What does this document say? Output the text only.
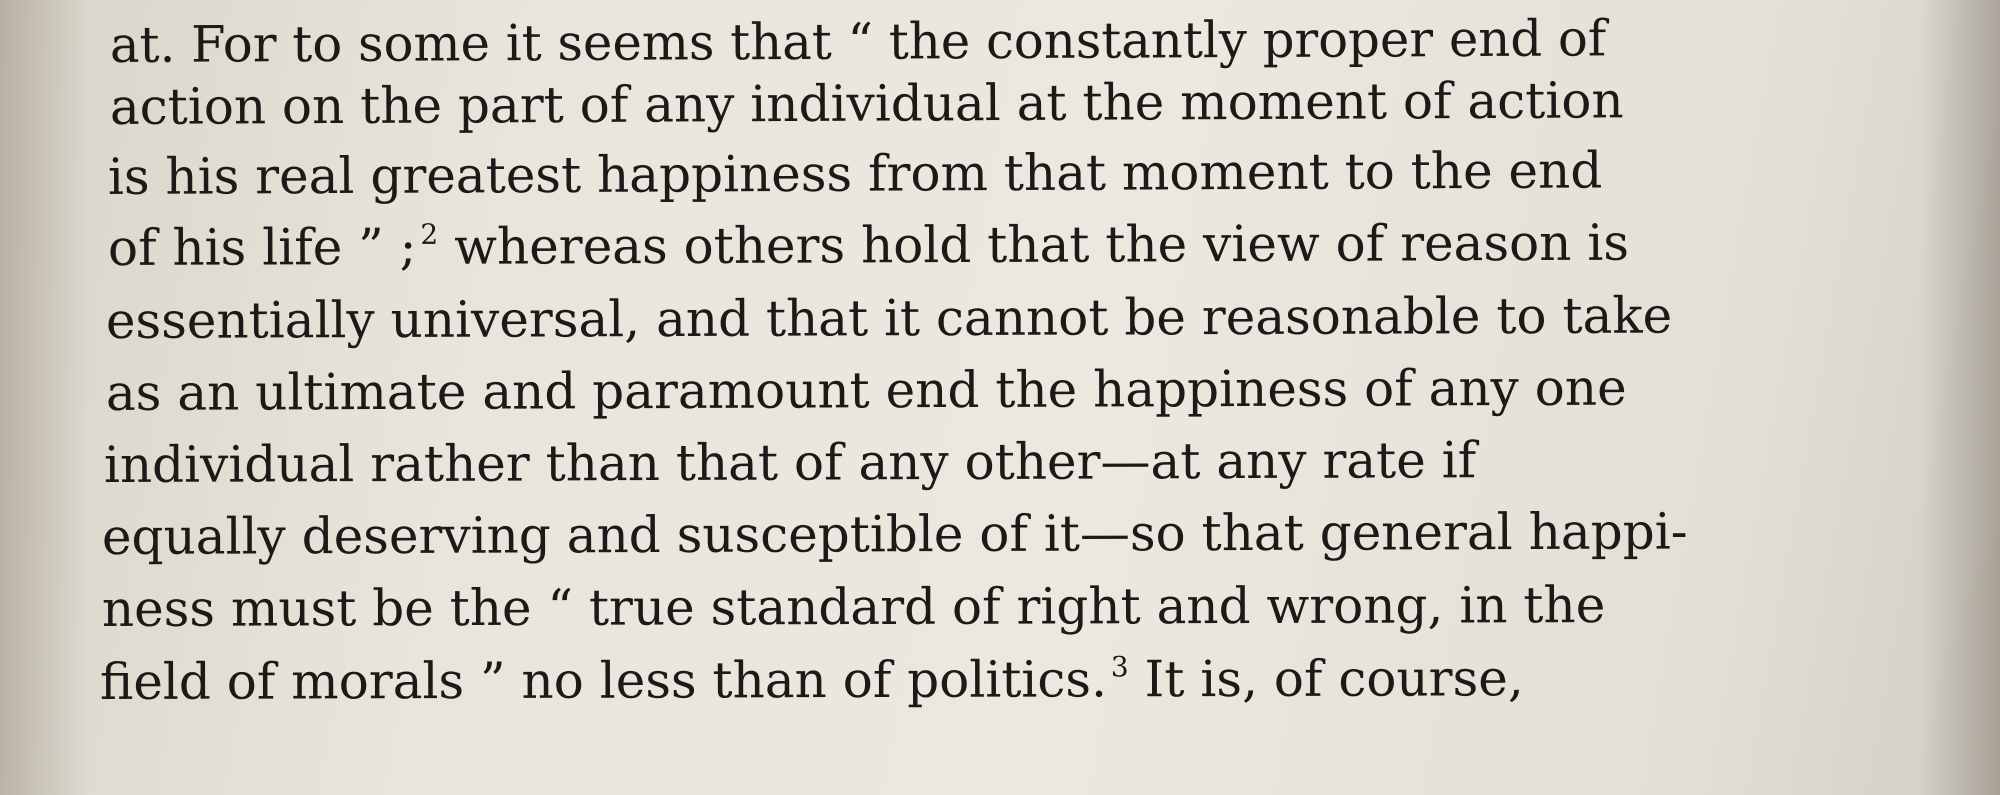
at. For to some it seems that “ the constantly proper end of
action on the part of any individual at the moment of action
is his real greatest happiness from that moment to the end
of his life ” ; $^2$ whereas others hold that the view of reason is
essentially universal, and that it cannot be reasonable to take
as an ultimate and paramount end the happiness of any one
individual rather than that of any other—at any rate if
equally deserving and susceptible of it—so that general happi-
ness must be the “ true standard of right and wrong, in the
field of morals ” no less than of politics. $^3$ It is, of course,
